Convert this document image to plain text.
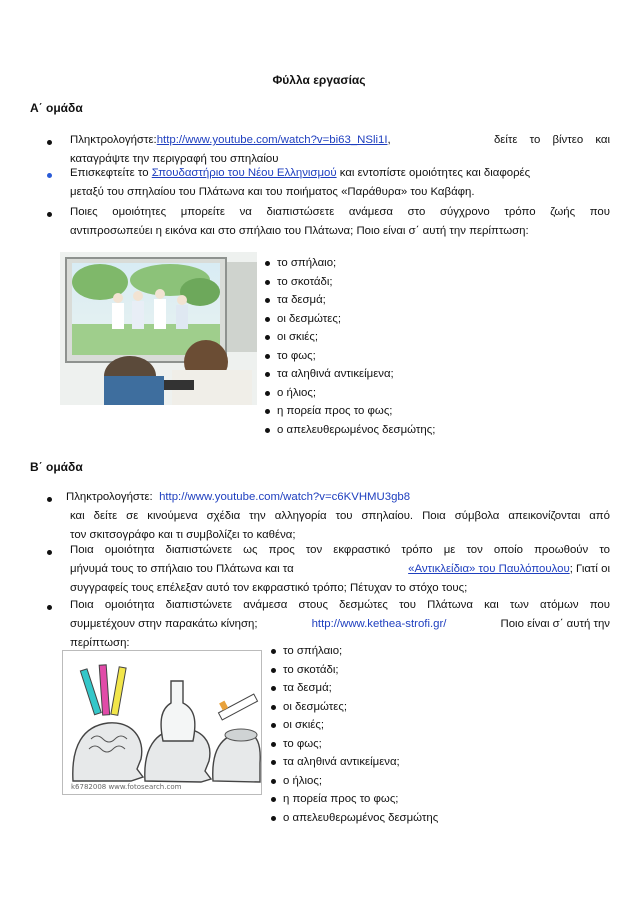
Φύλλα εργασίας
Α΄ ομάδα
Πληκτρολογήστε:http://www.youtube.com/watch?v=bi63_NSli1I,	δείτε το βίντεο και
καταγράψτε την περιγραφή του σπηλαίου
Επισκεφτείτε το Σπουδαστήριο του Νέου Ελληνισμού και εντοπίστε ομοιότητες και διαφορές
μεταξύ του σπηλαίου του Πλάτωνα και του ποιήματος «Παράθυρα» του Καβάφη.
Ποιες ομοιότητες μπορείτε να διαπιστώσετε ανάμεσα στο σύγχρονο τρόπο ζωής που
αντιπροσωπεύει η εικόνα και στο σπήλαιο του Πλάτωνα; Ποιο είναι σ΄ αυτή την περίπτωση:
το σπήλαιο;
το σκοτάδι;
τα δεσμά;
οι δεσμώτες;
οι σκιές;
το φως;
τα αληθινά αντικείμενα;
ο ήλιος;
η πορεία προς το φως;
ο απελευθερωμένος δεσμώτης;
Β΄ ομάδα
Πληκτρολογήστε: http://www.youtube.com/watch?v=c6KVHMU3gb8
και δείτε σε κινούμενα σχέδια την αλληγορία του σπηλαίου. Ποια σύμβολα απεικονίζονται από
τον σκιτσογράφο και τι συμβολίζει το καθένα;
Ποια ομοιότητα διαπιστώνετε ως προς τον εκφραστικό τρόπο με τον οποίο προωθούν το
μήνυμά τους το σπήλαιο του Πλάτωνα και τα	«Αντικλείδια» του Παυλόπουλου; Γιατί οι
συγγραφείς τους επέλεξαν αυτό τον εκφραστικό τρόπο; Πέτυχαν το στόχο τους;
Ποια ομοιότητα διαπιστώνετε ανάμεσα στους δεσμώτες του Πλάτωνα και των ατόμων που
συμμετέχουν στην παρακάτω κίνηση;	http://www.kethea-strofi.gr/	Ποιο είναι σ΄ αυτή την
περίπτωση:
k6782008 www.fotosearch.com
το σπήλαιο;
το σκοτάδι;
τα δεσμά;
οι δεσμώτες;
οι σκιές;
το φως;
τα αληθινά αντικείμενα;
ο ήλιος;
η πορεία προς το φως;
ο απελευθερωμένος δεσμώτης
